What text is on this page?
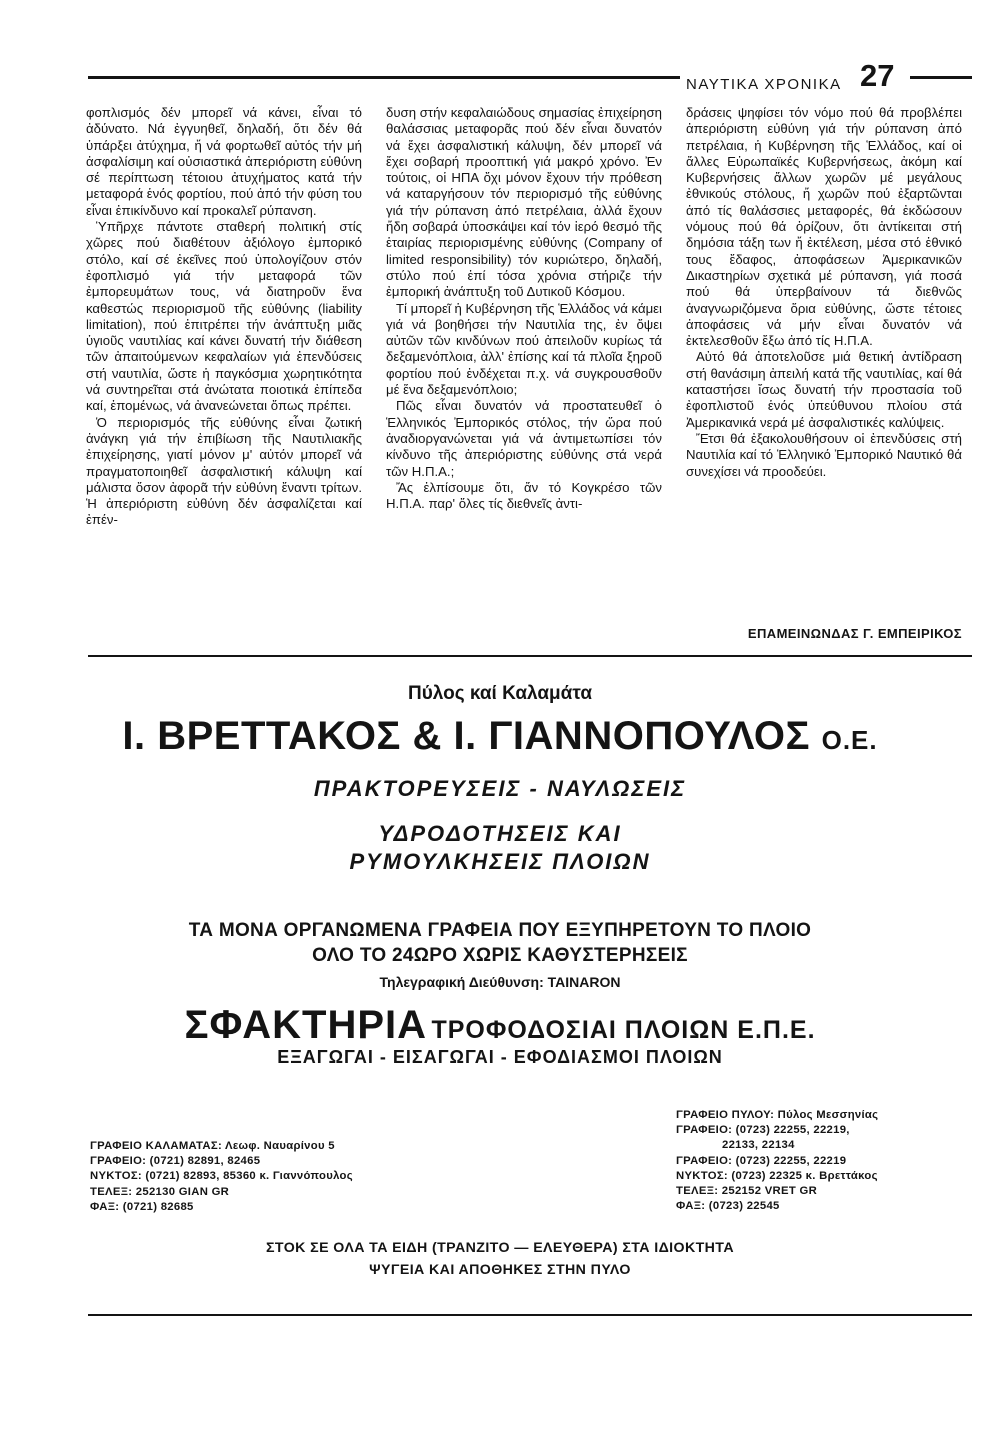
ΝΑΥΤΙΚΑ ΧΡΟΝΙΚΑ 27

φοπλισμός δέν μπορεῖ νά κάνει, εἶναι τό ἀδύνατο. Νά ἐγγυηθεῖ, δηλαδή, ὅτι δέν θά ὑπάρξει ἀτύχημα, ἤ νά φορτωθεῖ αὐτός τήν μή ἀσφαλίσιμη καί οὐσιαστικά ἀπεριόριστη εὐθύνη σέ περίπτωση τέτοιου ἀτυχήματος κατά τήν μεταφορά ἑνός φορτίου, πού ἀπό τήν φύση του εἶναι ἐπικίνδυνο καί προκαλεῖ ρύπανση.

Ὑπῆρχε πάντοτε σταθερή πολιτική στίς χῶρες πού διαθέτουν ἀξιόλογο ἐμπορικό στόλο, καί σέ ἐκεῖνες πού ὑπολογίζουν στόν ἐφοπλισμό γιά τήν μεταφορά τῶν ἐμπορευμάτων τους, νά διατηροῦν ἕνα καθεστώς περιορισμοῦ τῆς εὐθύνης (liability limitation), πού ἐπιτρέπει τήν ἀνάπτυξη μιᾶς ὑγιοῦς ναυτιλίας καί κάνει δυνατή τήν διάθεση τῶν ἀπαιτούμενων κεφαλαίων γιά ἐπενδύσεις στή ναυτιλία, ὥστε ἡ παγκόσμια χωρητικότητα νά συντηρεῖται στά ἀνώτατα ποιοτικά ἐπίπεδα καί, ἑπομένως, νά ἀνανεώνεται ὅπως πρέπει.

Ὁ περιορισμός τῆς εὐθύνης εἶναι ζωτική ἀνάγκη γιά τήν ἐπιβίωση τῆς Ναυτιλιακῆς ἐπιχείρησης, γιατί μόνον μ' αὐτόν μπορεῖ νά πραγματοποιηθεῖ ἀσφαλιστική κάλυψη καί μάλιστα ὅσον ἀφορᾶ τήν εὐθύνη ἔναντι τρίτων. Ἡ ἀπεριόριστη εὐθύνη δέν ἀσφαλίζεται καί ἐπέν-

δυση στήν κεφαλαιώδους σημασίας ἐπιχείρηση θαλάσσιας μεταφορᾶς πού δέν εἶναι δυνατόν νά ἔχει ἀσφαλιστική κάλυψη, δέν μπορεῖ νά ἔχει σοβαρή προοπτική γιά μακρό χρόνο. Ἐν τούτοις, οἱ ΗΠΑ ὄχι μόνον ἔχουν τήν πρόθεση νά καταργήσουν τόν περιορισμό τῆς εὐθύνης γιά τήν ρύπανση ἀπό πετρέλαια, ἀλλά ἔχουν ἤδη σοβαρά ὑποσκάψει καί τόν ἱερό θεσμό τῆς ἑταιρίας περιορισμένης εὐθύνης (Company of limited responsibility) τόν κυριώτερο, δηλαδή, στύλο πού ἐπί τόσα χρόνια στήριζε τήν ἐμπορική ἀνάπτυξη τοῦ Δυτικοῦ Κόσμου.

Τί μπορεῖ ἡ Κυβέρνηση τῆς Ἑλλάδος νά κάμει γιά νά βοηθήσει τήν Ναυτιλία της, ἐν ὄψει αὐτῶν τῶν κινδύνων πού ἀπειλοῦν κυρίως τά δεξαμενόπλοια, ἀλλ' ἐπίσης καί τά πλοῖα ξηροῦ φορτίου πού ἐνδέχεται π.χ. νά συγκρουσθοῦν μέ ἕνα δεξαμενόπλοιο;

Πῶς εἶναι δυνατόν νά προστατευθεῖ ὁ Ἑλληνικός Ἐμπορικός στόλος, τήν ὥρα πού ἀναδιοργανώνεται γιά νά ἀντιμετωπίσει τόν κίνδυνο τῆς ἀπεριόριστης εὐθύνης στά νερά τῶν Η.Π.Α.;

Ἄς ἐλπίσουμε ὅτι, ἄν τό Κογκρέσο τῶν Η.Π.Α. παρ' ὅλες τίς διεθνεῖς ἀντι-

δράσεις ψηφίσει τόν νόμο πού θά προβλέπει ἀπεριόριστη εὐθύνη γιά τήν ρύπανση ἀπό πετρέλαια, ἡ Κυβέρνηση τῆς Ἑλλάδος, καί οἱ ἄλλες Εὐρωπαϊκές Κυβερνήσεως, ἀκόμη καί Κυβερνήσεις ἄλλων χωρῶν μέ μεγάλους ἐθνικούς στόλους, ἤ χωρῶν πού ἐξαρτῶνται ἀπό τίς θαλάσσιες μεταφορές, θά ἐκδώσουν νόμους πού θά ὁρίζουν, ὅτι ἀντίκειται στή δημόσια τάξη των ἤ ἐκτέλεση, μέσα στό ἐθνικό τους ἔδαφος, ἀποφάσεων Ἀμερικανικῶν Δικαστηρίων σχετικά μέ ρύπανση, γιά ποσά πού θά ὑπερβαίνουν τά διεθνῶς ἀναγνωριζόμενα ὅρια εὐθύνης, ὥστε τέτοιες ἀποφάσεις νά μήν εἶναι δυνατόν νά ἐκτελεσθοῦν ἔξω ἀπό τίς Η.Π.Α.

Αὐτό θά ἀποτελοῦσε μιά θετική ἀντίδραση στή θανάσιμη ἀπειλή κατά τῆς ναυτιλίας, καί θά καταστήσει ἴσως δυνατή τήν προστασία τοῦ ἐφοπλιστοῦ ἑνός ὑπεύθυνου πλοίου στά Ἀμερικανικά νερά μέ ἀσφαλιστικές καλύψεις.

Ἔτσι θά ἐξακολουθήσουν οἱ ἐπενδύσεις στή Ναυτιλία καί τό Ἑλληνικό Ἐμπορικό Ναυτικό θά συνεχίσει νά προοδεύει.

ΕΠΑΜΕΙΝΩΝΔΑΣ Γ. ΕΜΠΕΙΡΙΚΟΣ
Πύλος καί Καλαμάτα
Ι. ΒΡΕΤΤΑΚΟΣ & Ι. ΓΙΑΝΝΟΠΟΥΛΟΣ Ο.Ε.
ΠΡΑΚΤΟΡΕΥΣΕΙΣ - ΝΑΥΛΩΣΕΙΣ
ΥΔΡΟΔΟΤΗΣΕΙΣ ΚΑΙ
ΡΥΜΟΥΛΚΗΣΕΙΣ ΠΛΟΙΩΝ
ΤΑ ΜΟΝΑ ΟΡΓΑΝΩΜΕΝΑ ΓΡΑΦΕΙΑ ΠΟΥ ΕΞΥΠΗΡΕΤΟΥΝ ΤΟ ΠΛΟΙΟ
ΟΛΟ ΤΟ 24ΩΡΟ ΧΩΡΙΣ ΚΑΘΥΣΤΕΡΗΣΕΙΣ
Τηλεγραφική Διεύθυνση: TAINARON
ΣΦΑΚΤΗΡΙΑ ΤΡΟΦΟΔΟΣΙΑΙ ΠΛΟΙΩΝ Ε.Π.Ε.
ΕΞΑΓΩΓΑΙ - ΕΙΣΑΓΩΓΑΙ - ΕΦΟΔΙΑΣΜΟΙ ΠΛΟΙΩΝ
ΓΡΑΦΕΙΟ ΚΑΛΑΜΑΤΑΣ: Λεωφ. Ναυαρίνου 5
ΓΡΑΦΕΙΟ: (0721) 82891, 82465
ΝΥΚΤΟΣ: (0721) 82893, 85360 κ. Γιαννόπουλος
ΤΕΛΕΞ: 252130 GIAN GR
ΦΑΞ: (0721) 82685
ΓΡΑΦΕΙΟ ΠΥΛΟΥ: Πύλος Μεσσηνίας
ΓΡΑΦΕΙΟ: (0723) 22255, 22219,
22133, 22134
ΓΡΑΦΕΙΟ: (0723) 22255, 22219
ΝΥΚΤΟΣ: (0723) 22325 κ. Βρεττάκος
ΤΕΛΕΞ: 252152 VRET GR
ΦΑΞ: (0723) 22545
ΣΤΟΚ ΣΕ ΟΛΑ ΤΑ ΕΙΔΗ (ΤΡΑΝΖΙΤΟ — ΕΛΕΥΘΕΡΑ) ΣΤΑ ΙΔΙΟΚΤΗΤΑ
ΨΥΓΕΙΑ ΚΑΙ ΑΠΟΘΗΚΕΣ ΣΤΗΝ ΠΥΛΟ
